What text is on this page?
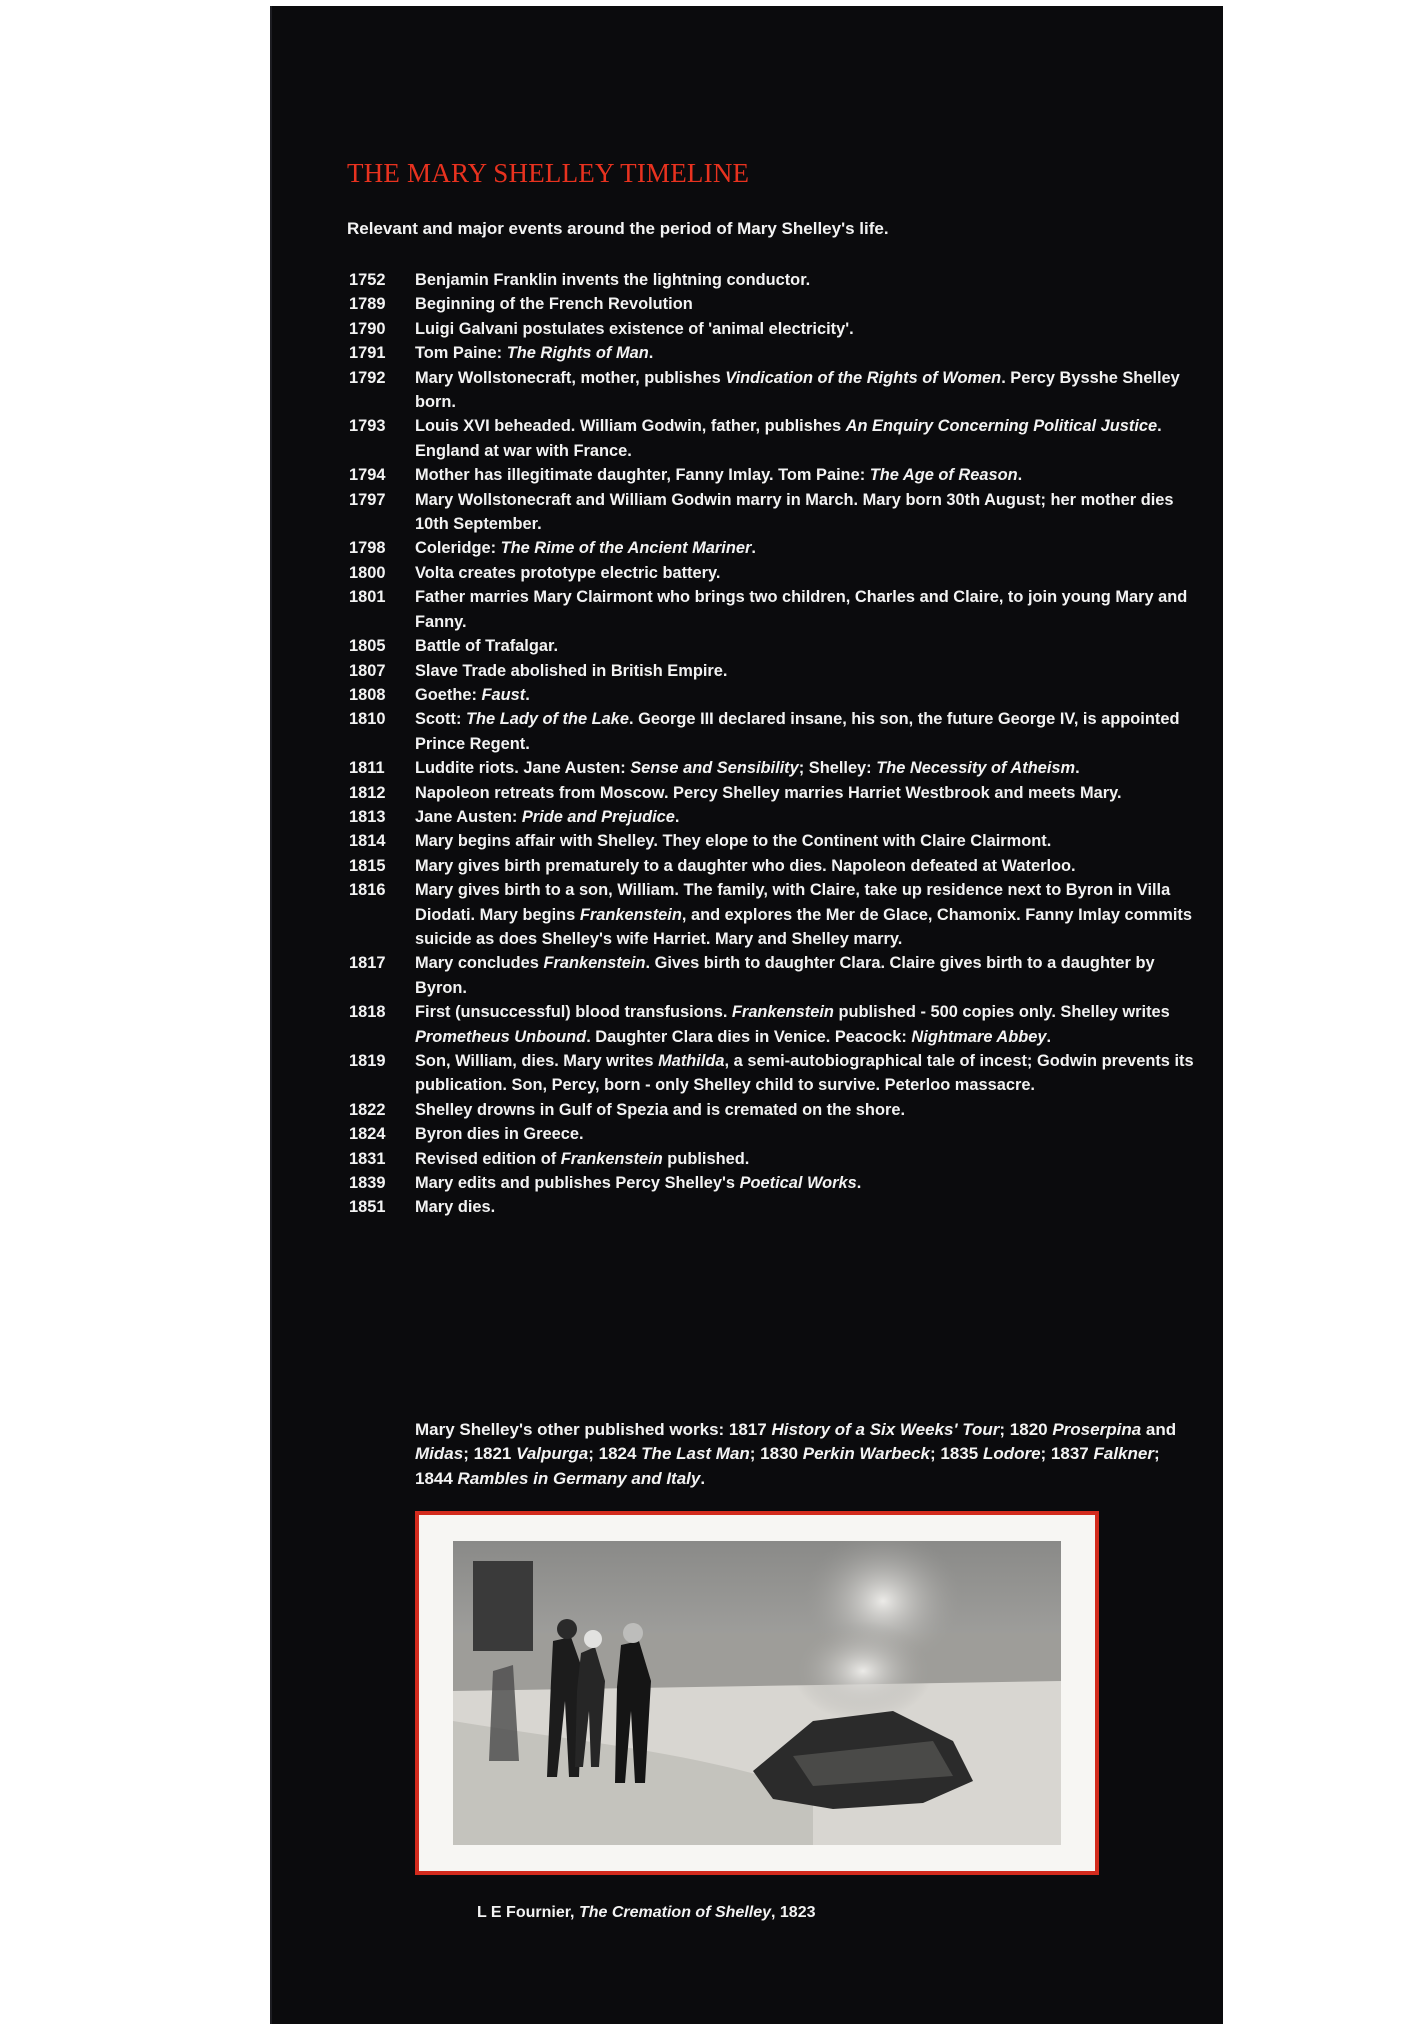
THE MARY SHELLEY TIMELINE

Relevant and major events around the period of Mary Shelley's life.

1752	Benjamin Franklin invents the lightning conductor.
1789	Beginning of the French Revolution
1790	Luigi Galvani postulates existence of 'animal electricity'.
1791	Tom Paine: The Rights of Man.
1792	Mary Wollstonecraft, mother, publishes Vindication of the Rights of Women. Percy Bysshe Shelley born.
1793	Louis XVI beheaded. William Godwin, father, publishes An Enquiry Concerning Political Justice. England at war with France.
1794	Mother has illegitimate daughter, Fanny Imlay. Tom Paine: The Age of Reason.
1797	Mary Wollstonecraft and William Godwin marry in March. Mary born 30th August; her mother dies 10th September.
1798	Coleridge: The Rime of the Ancient Mariner.
1800	Volta creates prototype electric battery.
1801	Father marries Mary Clairmont who brings two children, Charles and Claire, to join young Mary and Fanny.
1805	Battle of Trafalgar.
1807	Slave Trade abolished in British Empire.
1808	Goethe: Faust.
1810	Scott: The Lady of the Lake. George III declared insane, his son, the future George IV, is appointed Prince Regent.
1811	Luddite riots. Jane Austen: Sense and Sensibility; Shelley: The Necessity of Atheism.
1812	Napoleon retreats from Moscow. Percy Shelley marries Harriet Westbrook and meets Mary.
1813	Jane Austen: Pride and Prejudice.
1814	Mary begins affair with Shelley. They elope to the Continent with Claire Clairmont.
1815	Mary gives birth prematurely to a daughter who dies. Napoleon defeated at Waterloo.
1816	Mary gives birth to a son, William. The family, with Claire, take up residence next to Byron in Villa Diodati. Mary begins Frankenstein, and explores the Mer de Glace, Chamonix. Fanny Imlay commits suicide as does Shelley's wife Harriet. Mary and Shelley marry.
1817	Mary concludes Frankenstein. Gives birth to daughter Clara. Claire gives birth to a daughter by Byron.
1818	First (unsuccessful) blood transfusions. Frankenstein published - 500 copies only. Shelley writes Prometheus Unbound. Daughter Clara dies in Venice. Peacock: Nightmare Abbey.
1819	Son, William, dies. Mary writes Mathilda, a semi-autobiographical tale of incest; Godwin prevents its publication. Son, Percy, born - only Shelley child to survive. Peterloo massacre.
1822	Shelley drowns in Gulf of Spezia and is cremated on the shore.
1824	Byron dies in Greece.
1831	Revised edition of Frankenstein published.
1839	Mary edits and publishes Percy Shelley's Poetical Works.
1851	Mary dies.

Mary Shelley's other published works: 1817 History of a Six Weeks' Tour; 1820 Proserpina and Midas; 1821 Valpurga; 1824 The Last Man; 1830 Perkin Warbeck; 1835 Lodore; 1837 Falkner; 1844 Rambles in Germany and Italy.

L E Fournier, The Cremation of Shelley, 1823
